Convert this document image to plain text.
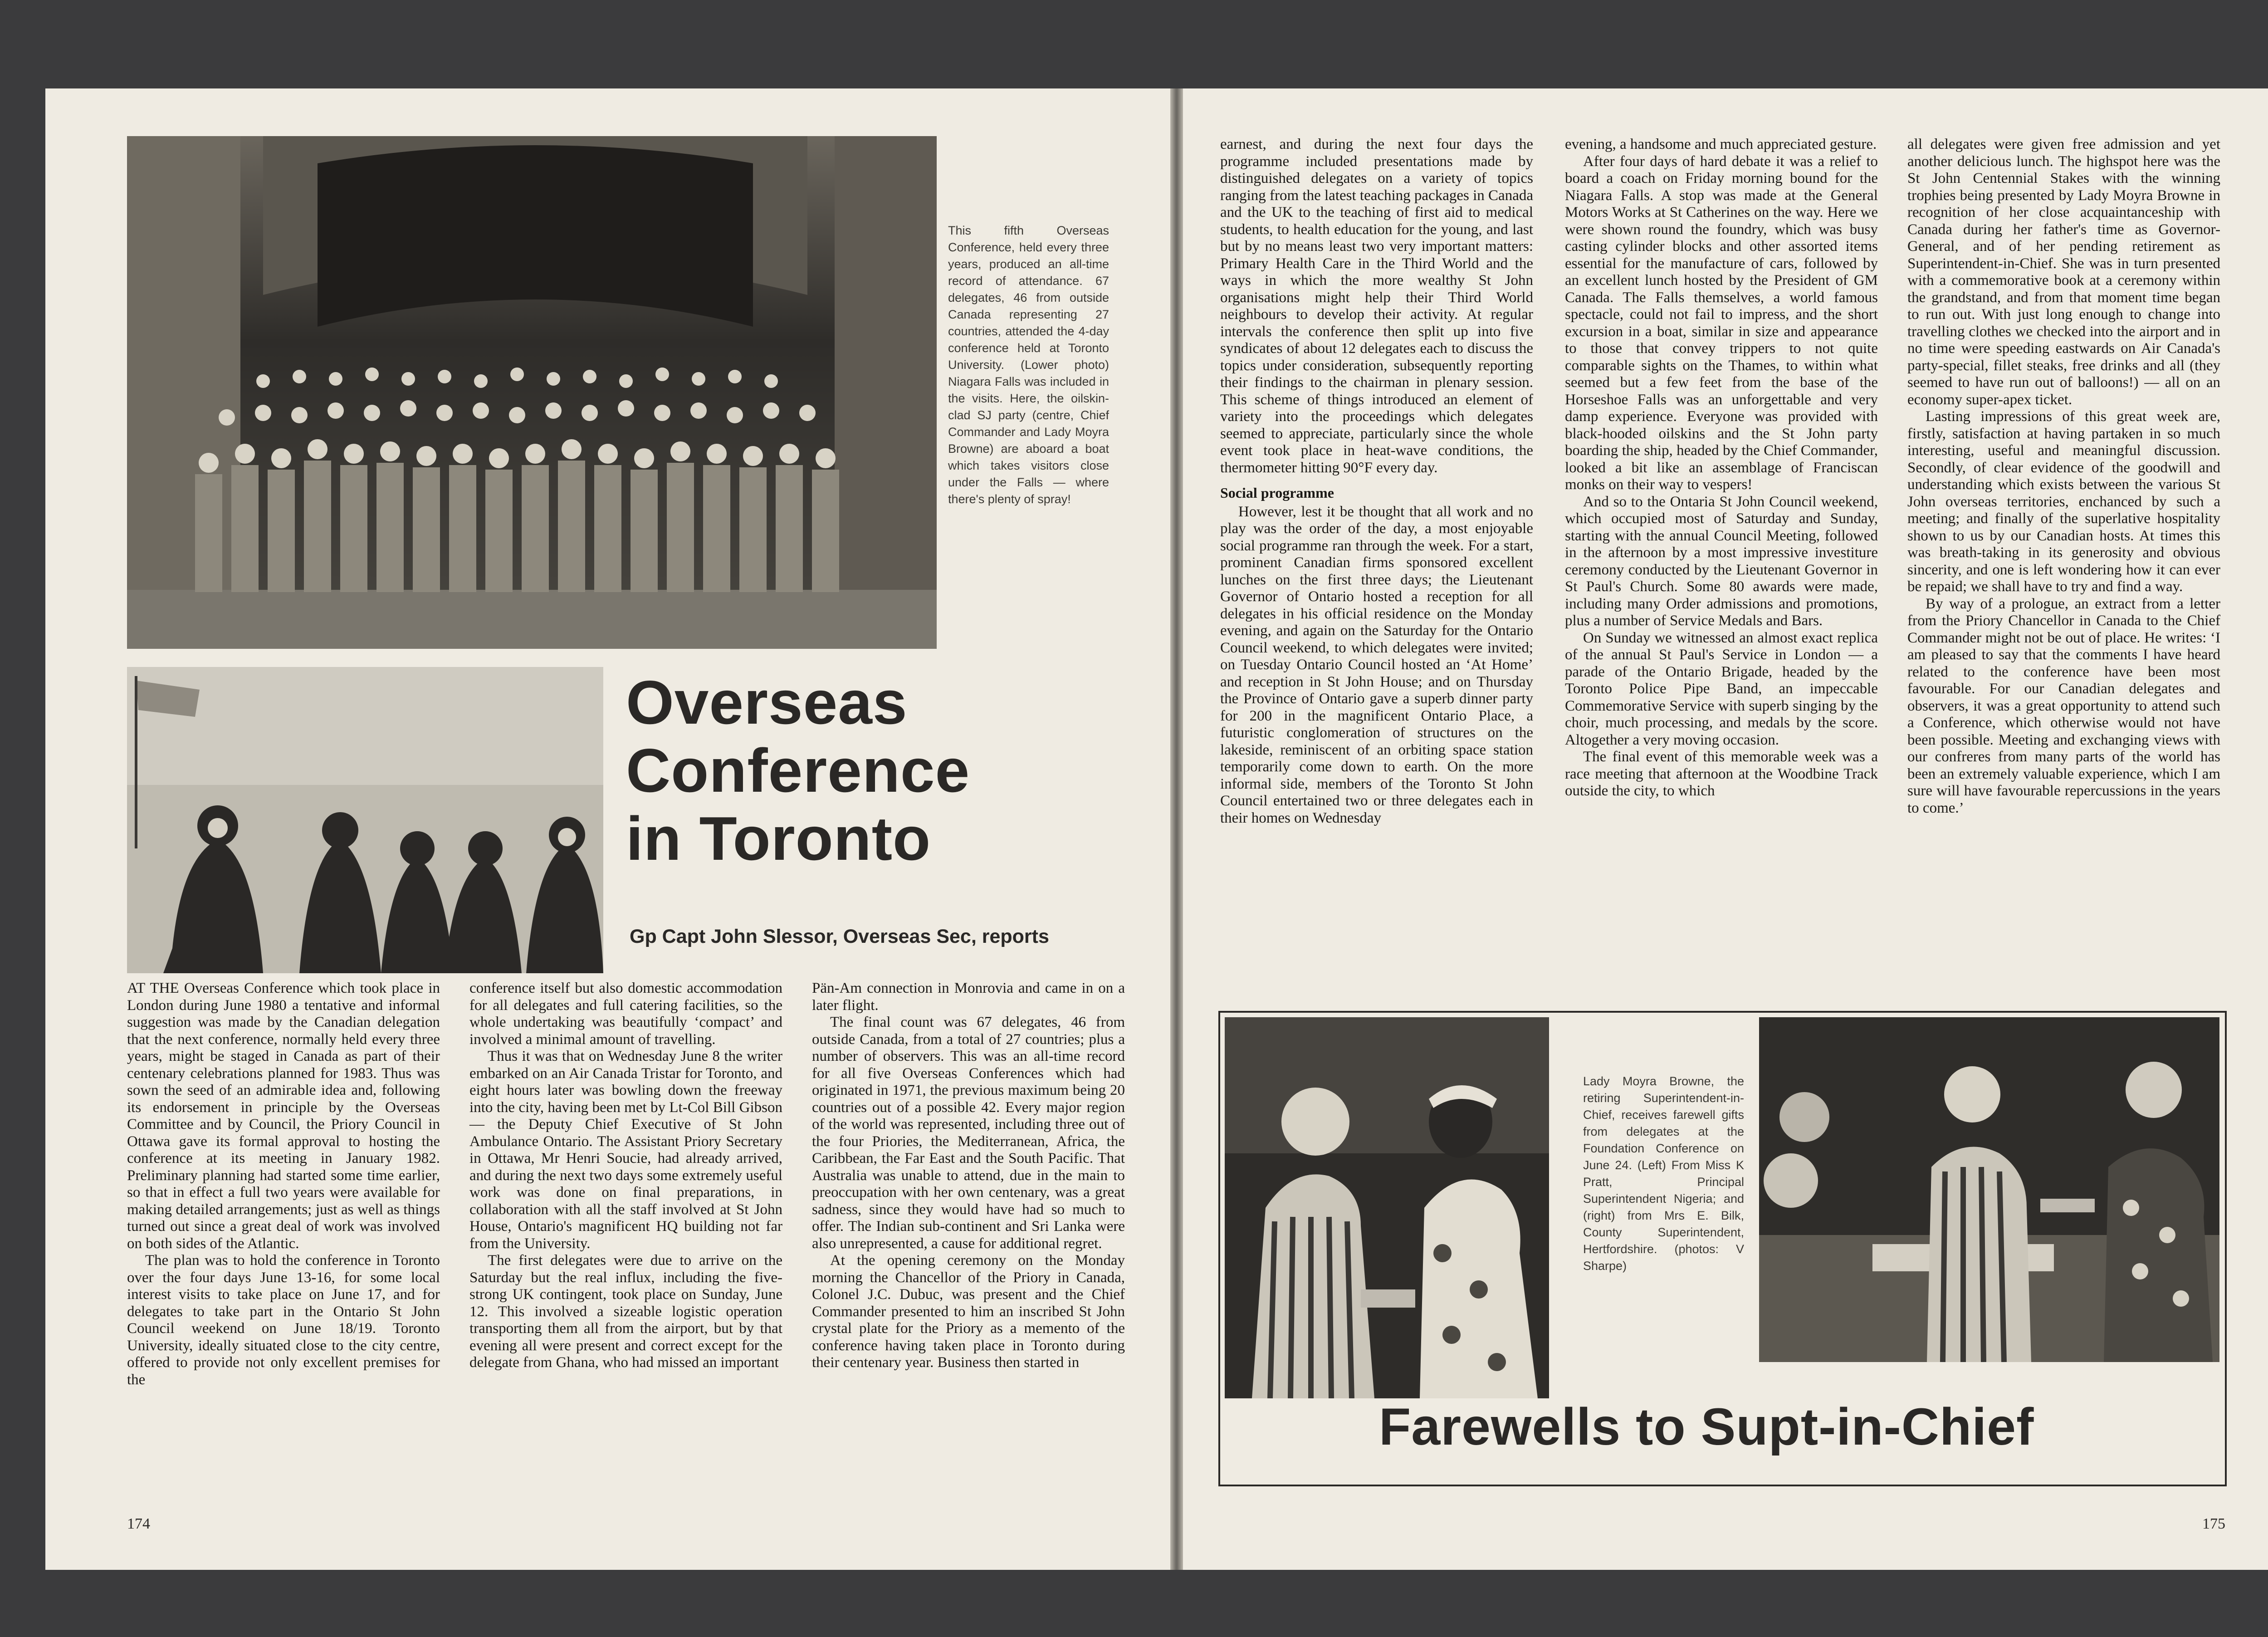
This fifth Overseas Conference, held every three years, produced an all-time record of attendance. 67 delegates, 46 from outside Canada representing 27 countries, attended the 4-day conference held at Toronto University. (Lower photo) Niagara Falls was included in the visits. Here, the oilskin-clad SJ party (centre, Chief Commander and Lady Moyra Browne) are aboard a boat which takes visitors close under the Falls — where there's plenty of spray!
Overseas
Conference
in Toronto
Gp Capt John Slessor, Overseas Sec, reports

AT THE Overseas Conference which took place in London during June 1980 a tentative and informal suggestion was made by the Canadian delegation that the next conference, normally held every three years, might be staged in Canada as part of their centenary celebrations planned for 1983. Thus was sown the seed of an admirable idea and, following its endorsement in principle by the Overseas Committee and by Council, the Priory Council in Ottawa gave its formal approval to hosting the conference at its meeting in January 1982. Preliminary planning had started some time earlier, so that in effect a full two years were available for making detailed arrangements; just as well as things turned out since a great deal of work was involved on both sides of the Atlantic.

The plan was to hold the conference in Toronto over the four days June 13-16, for some local interest visits to take place on June 17, and for delegates to take part in the Ontario St John Council weekend on June 18/19. Toronto University, ideally situated close to the city centre, offered to provide not only excellent premises for the

conference itself but also domestic accommodation for all delegates and full catering facilities, so the whole undertaking was beautifully ‘compact’ and involved a minimal amount of travelling.

Thus it was that on Wednesday June 8 the writer embarked on an Air Canada Tristar for Toronto, and eight hours later was bowling down the freeway into the city, having been met by Lt-Col Bill Gibson — the Deputy Chief Executive of St John Ambulance Ontario. The Assistant Priory Secretary in Ottawa, Mr Henri Soucie, had already arrived, and during the next two days some extremely useful work was done on final preparations, in collaboration with all the staff involved at St John House, Ontario's magnificent HQ building not far from the University.

The first delegates were due to arrive on the Saturday but the real influx, including the five-strong UK contingent, took place on Sunday, June 12. This involved a sizeable logistic operation transporting them all from the airport, but by that evening all were present and correct except for the delegate from Ghana, who had missed an important

Pän-Am connection in Monrovia and came in on a later flight.

The final count was 67 delegates, 46 from outside Canada, from a total of 27 countries; plus a number of observers. This was an all-time record for all five Overseas Conferences which had originated in 1971, the previous maximum being 20 countries out of a possible 42. Every major region of the world was represented, including three out of the four Priories, the Mediterranean, Africa, the Caribbean, the Far East and the South Pacific. That Australia was unable to attend, due in the main to preoccupation with her own centenary, was a great sadness, since they would have had so much to offer. The Indian sub-continent and Sri Lanka were also unrepresented, a cause for additional regret.

At the opening ceremony on the Monday morning the Chancellor of the Priory in Canada, Colonel J.C. Dubuc, was present and the Chief Commander presented to him an inscribed St John crystal plate for the Priory as a memento of the conference having taken place in Toronto during their centenary year. Business then started in

174

earnest, and during the next four days the programme included presentations made by distinguished delegates on a variety of topics ranging from the latest teaching packages in Canada and the UK to the teaching of first aid to medical students, to health education for the young, and last but by no means least two very important matters: Primary Health Care in the Third World and the ways in which the more wealthy St John organisations might help their Third World neighbours to develop their activity. At regular intervals the conference then split up into five syndicates of about 12 delegates each to discuss the topics under consideration, subsequently reporting their findings to the chairman in plenary session. This scheme of things introduced an element of variety into the proceedings which delegates seemed to appreciate, particularly since the whole event took place in heat-wave conditions, the thermometer hitting 90°F every day.

Social programme

However, lest it be thought that all work and no play was the order of the day, a most enjoyable social programme ran through the week. For a start, prominent Canadian firms sponsored excellent lunches on the first three days; the Lieutenant Governor of Ontario hosted a reception for all delegates in his official residence on the Monday evening, and again on the Saturday for the Ontario Council weekend, to which delegates were invited; on Tuesday Ontario Council hosted an ‘At Home’ and reception in St John House; and on Thursday the Province of Ontario gave a superb dinner party for 200 in the magnificent Ontario Place, a futuristic conglomeration of structures on the lakeside, reminiscent of an orbiting space station temporarily come down to earth. On the more informal side, members of the Toronto St John Council entertained two or three delegates each in their homes on Wednesday

evening, a handsome and much appreciated gesture.

After four days of hard debate it was a relief to board a coach on Friday morning bound for the Niagara Falls. A stop was made at the General Motors Works at St Catherines on the way. Here we were shown round the foundry, which was busy casting cylinder blocks and other assorted items essential for the manufacture of cars, followed by an excellent lunch hosted by the President of GM Canada. The Falls themselves, a world famous spectacle, could not fail to impress, and the short excursion in a boat, similar in size and appearance to those that convey trippers to not quite comparable sights on the Thames, to within what seemed but a few feet from the base of the Horseshoe Falls was an unforgettable and very damp experience. Everyone was provided with black-hooded oilskins and the St John party boarding the ship, headed by the Chief Commander, looked a bit like an assemblage of Franciscan monks on their way to vespers!

And so to the Ontaria St John Council weekend, which occupied most of Saturday and Sunday, starting with the annual Council Meeting, followed in the afternoon by a most impressive investiture ceremony conducted by the Lieutenant Governor in St Paul's Church. Some 80 awards were made, including many Order admissions and promotions, plus a number of Service Medals and Bars.

On Sunday we witnessed an almost exact replica of the annual St Paul's Service in London — a parade of the Ontario Brigade, headed by the Toronto Police Pipe Band, an impeccable Commemorative Service with superb singing by the choir, much processing, and medals by the score. Altogether a very moving occasion.

The final event of this memorable week was a race meeting that afternoon at the Woodbine Track outside the city, to which

all delegates were given free admission and yet another delicious lunch. The highspot here was the St John Centennial Stakes with the winning trophies being presented by Lady Moyra Browne in recognition of her close acquaintanceship with Canada during her father's time as Governor-General, and of her pending retirement as Superintendent-in-Chief. She was in turn presented with a commemorative book at a ceremony within the grandstand, and from that moment time began to run out. With just long enough to change into travelling clothes we checked into the airport and in no time were speeding eastwards on Air Canada's party-special, fillet steaks, free drinks and all (they seemed to have run out of balloons!) — all on an economy super-apex ticket.

Lasting impressions of this great week are, firstly, satisfaction at having partaken in so much interesting, useful and meaningful discussion. Secondly, of clear evidence of the goodwill and understanding which exists between the various St John overseas territories, enchanced by such a meeting; and finally of the superlative hospitality shown to us by our Canadian hosts. At times this was breath-taking in its generosity and obvious sincerity, and one is left wondering how it can ever be repaid; we shall have to try and find a way.

By way of a prologue, an extract from a letter from the Priory Chancellor in Canada to the Chief Commander might not be out of place. He writes: ‘I am pleased to say that the comments I have heard related to the conference have been most favourable. For our Canadian delegates and observers, it was a great opportunity to attend such a Conference, which otherwise would not have been possible. Meeting and exchanging views with our confreres from many parts of the world has been an extremely valuable experience, which I am sure will have favourable repercussions in the years to come.’

Lady Moyra Browne, the retiring Superintendent-in-Chief, receives farewell gifts from delegates at the Foundation Conference on June 24. (Left) From Miss K Pratt, Principal Superintendent Nigeria; and (right) from Mrs E. Bilk, County Superintendent, Hertfordshire. (photos: V Sharpe)
Farewells to Supt-in-Chief
175
